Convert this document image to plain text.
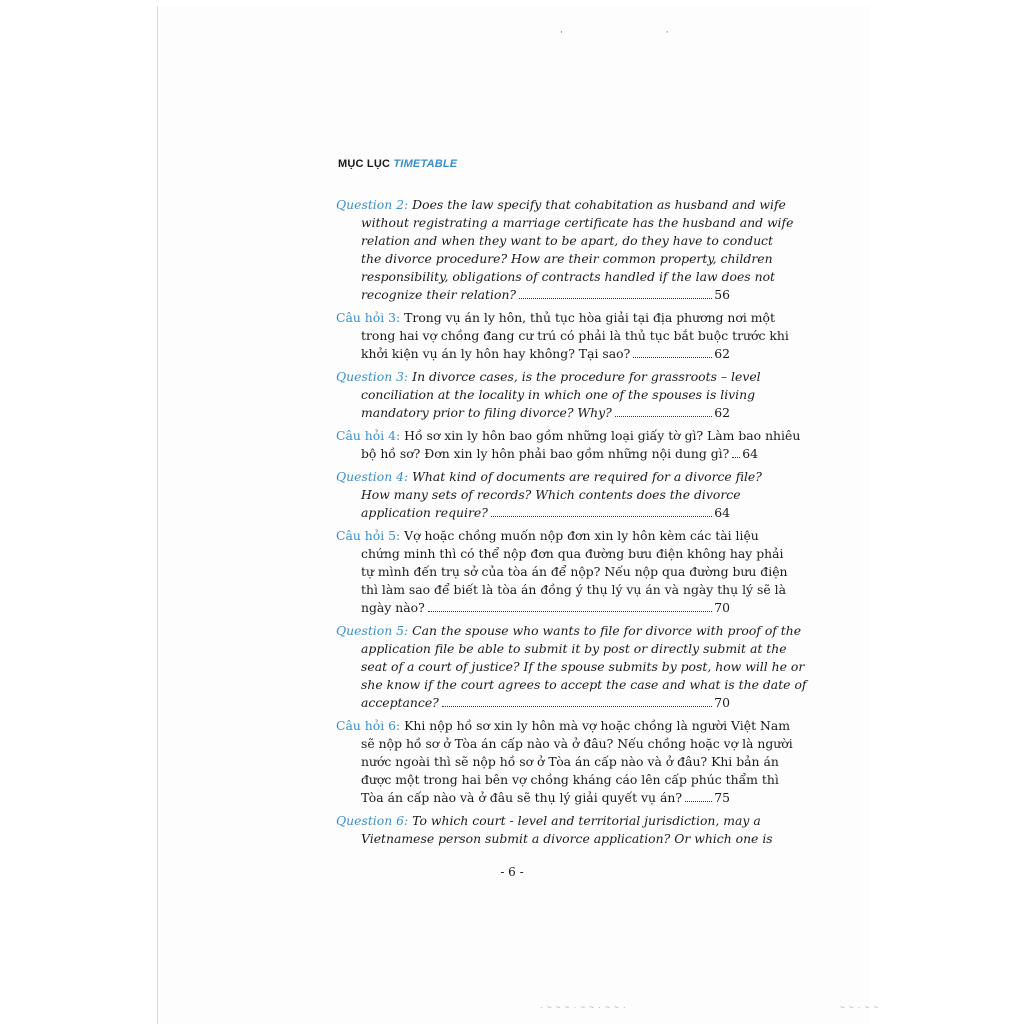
· ·
MỤC LỤC TIMETABLE
Question 2: Does the law specify that cohabitation as husband and wife
without registrating a marriage certificate has the husband and wife
relation and when they want to be apart, do they have to conduct
the divorce procedure? How are their common property, children
responsibility, obligations of contracts handled if the law does not
recognize their relation?	56
Câu hỏi 3: Trong vụ án ly hôn, thủ tục hòa giải tại địa phương nơi một
trong hai vợ chồng đang cư trú có phải là thủ tục bắt buộc trước khi
khởi kiện vụ án ly hôn hay không? Tại sao?	62
Question 3: In divorce cases, is the procedure for grassroots – level
conciliation at the locality in which one of the spouses is living
mandatory prior to filing divorce? Why?	62
Câu hỏi 4: Hồ sơ xin ly hôn bao gồm những loại giấy tờ gì? Làm bao nhiêu
bộ hồ sơ? Đơn xin ly hôn phải bao gồm những nội dung gì? 64
Question 4: What kind of documents are required for a divorce file?
How many sets of records? Which contents does the divorce
application require?	64
Câu hỏi 5: Vợ hoặc chồng muốn nộp đơn xin ly hôn kèm các tài liệu
chứng minh thì có thể nộp đơn qua đường bưu điện không hay phải
tự mình đến trụ sở của tòa án để nộp? Nếu nộp qua đường bưu điện
thì làm sao để biết là tòa án đồng ý thụ lý vụ án và ngày thụ lý sẽ là
ngày nào?	70
Question 5: Can the spouse who wants to file for divorce with proof of the
application file be able to submit it by post or directly submit at the
seat of a court of justice? If the spouse submits by post, how will he or
she know if the court agrees to accept the case and what is the date of
acceptance?	70
Câu hỏi 6: Khi nộp hồ sơ xin ly hôn mà vợ hoặc chồng là người Việt Nam
sẽ nộp hồ sơ ở Tòa án cấp nào và ở đâu? Nếu chồng hoặc vợ là người
nước ngoài thì sẽ nộp hồ sơ ở Tòa án cấp nào và ở đâu? Khi bản án
được một trong hai bên vợ chồng kháng cáo lên cấp phúc thẩm thì
Tòa án cấp nào và ở đâu sẽ thụ lý giải quyết vụ án?	75
Question 6: To which court - level and territorial jurisdiction, may a
Vietnamese person submit a divorce application? Or which one is
- 6 -
· ~ ~ ~ · ~ ~ · ~ ~ ·	~ ~ · ~ ~
